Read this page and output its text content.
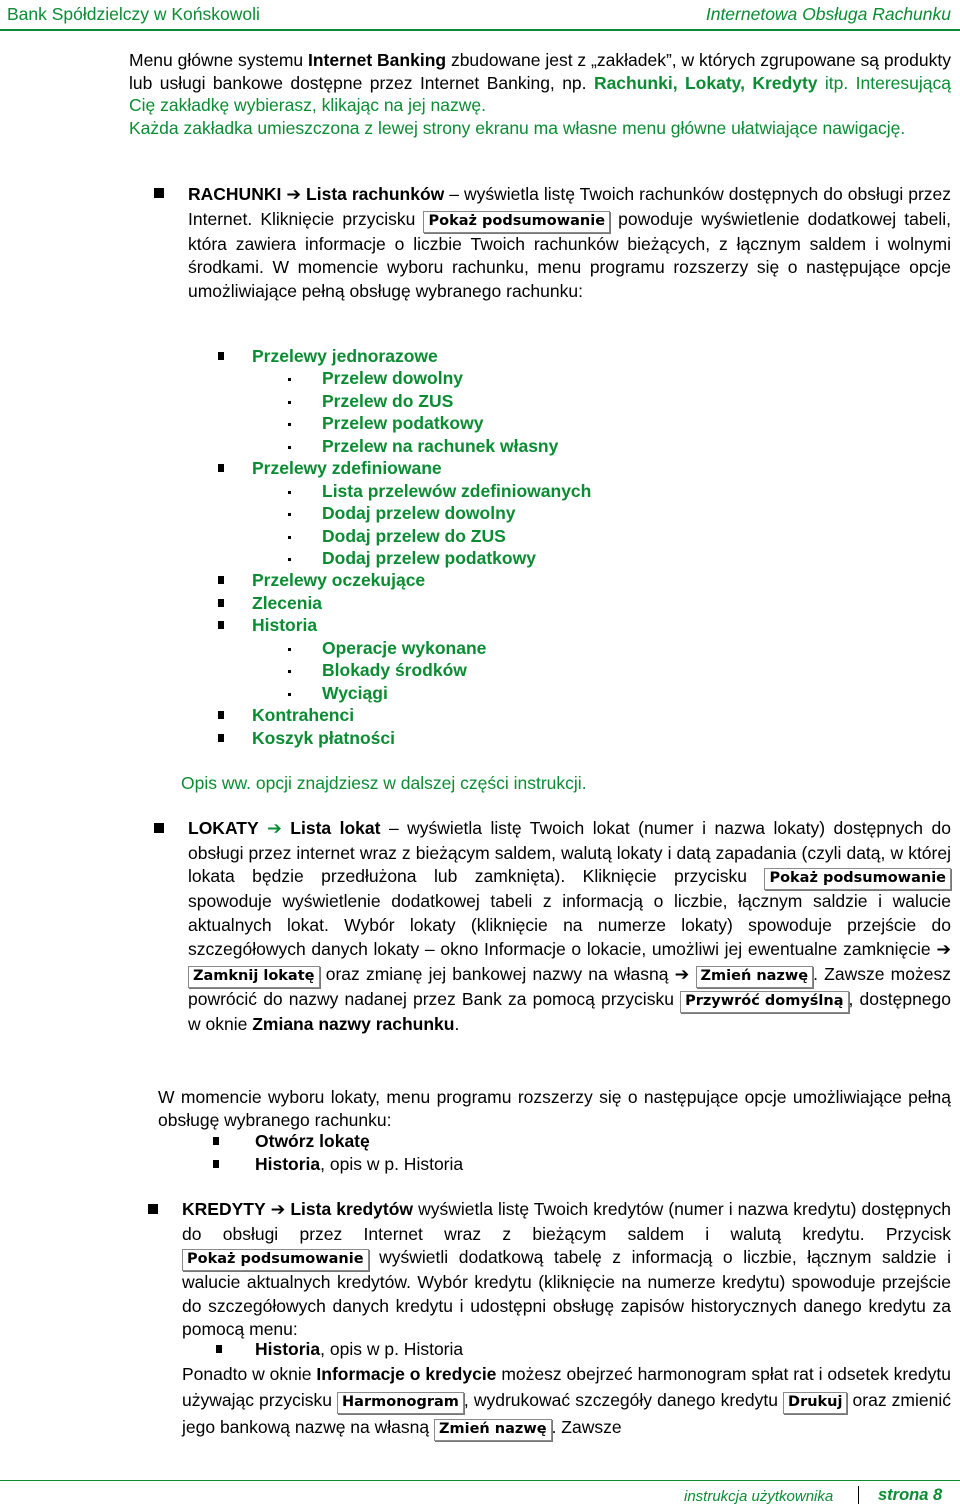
Bank Spółdzielczy w Końskowoli	Internetowa Obsługa Rachunku
Menu główne systemu Internet Banking zbudowane jest z „zakładek”, w których zgrupowane są produkty lub usługi bankowe dostępne przez Internet Banking, np. Rachunki, Lokaty, Kredyty itp. Interesującą Cię zakładkę wybierasz, klikając na jej nazwę.
Każda zakładka umieszczona z lewej strony ekranu ma własne menu główne ułatwiające nawigację.
RACHUNKI ➔ Lista rachunków – wyświetla listę Twoich rachunków dostępnych do obsługi przez Internet. Kliknięcie przycisku Pokaż podsumowanie powoduje wyświetlenie dodatkowej tabeli, która zawiera informacje o liczbie Twoich rachunków bieżących, z łącznym saldem i wolnymi środkami. W momencie wyboru rachunku, menu programu rozszerzy się o następujące opcje umożliwiające pełną obsługę wybranego rachunku:
Przelewy jednorazowe
Przelew dowolny
Przelew do ZUS
Przelew podatkowy
Przelew na rachunek własny
Przelewy zdefiniowane
Lista przelewów zdefiniowanych
Dodaj przelew dowolny
Dodaj przelew do ZUS
Dodaj przelew podatkowy
Przelewy oczekujące
Zlecenia
Historia
Operacje wykonane
Blokady środków
Wyciągi
Kontrahenci
Koszyk płatności
Opis ww. opcji znajdziesz w dalszej części instrukcji.
LOKATY ➔ Lista lokat – wyświetla listę Twoich lokat (numer i nazwa lokaty) dostępnych do obsługi przez internet wraz z bieżącym saldem, walutą lokaty i datą zapadania (czyli datą, w której lokata będzie przedłużona lub zamknięta). Kliknięcie przycisku Pokaż podsumowanie spowoduje wyświetlenie dodatkowej tabeli z informacją o liczbie, łącznym saldzie i walucie aktualnych lokat. Wybór lokaty (kliknięcie na numerze lokaty) spowoduje przejście do szczegółowych danych lokaty – okno Informacje o lokacie, umożliwi jej ewentualne zamknięcie ➔ Zamknij lokatę oraz zmianę jej bankowej nazwy na własną ➔ Zmień nazwę . Zawsze możesz powrócić do nazwy nadanej przez Bank za pomocą przycisku Przywróć domyślną , dostępnego w oknie Zmiana nazwy rachunku.
W momencie wyboru lokaty, menu programu rozszerzy się o następujące opcje umożliwiające pełną obsługę wybranego rachunku:
Otwórz lokatę
Historia, opis w p. Historia
KREDYTY ➔ Lista kredytów wyświetla listę Twoich kredytów (numer i nazwa kredytu) dostępnych do obsługi przez Internet wraz z bieżącym saldem i walutą kredytu. Przycisk Pokaż podsumowanie wyświetli dodatkową tabelę z informacją o liczbie, łącznym saldzie i walucie aktualnych kredytów. Wybór kredytu (kliknięcie na numerze kredytu) spowoduje przejście do szczegółowych danych kredytu i udostępni obsługę zapisów historycznych danego kredytu za pomocą menu:
Historia, opis w p. Historia
Ponadto w oknie Informacje o kredycie możesz obejrzeć harmonogram spłat rat i odsetek kredytu używając przycisku Harmonogram , wydrukować szczegóły danego kredytu Drukuj oraz zmienić jego bankową nazwę na własną Zmień nazwę . Zawsze
instrukcja użytkownika	strona 8
